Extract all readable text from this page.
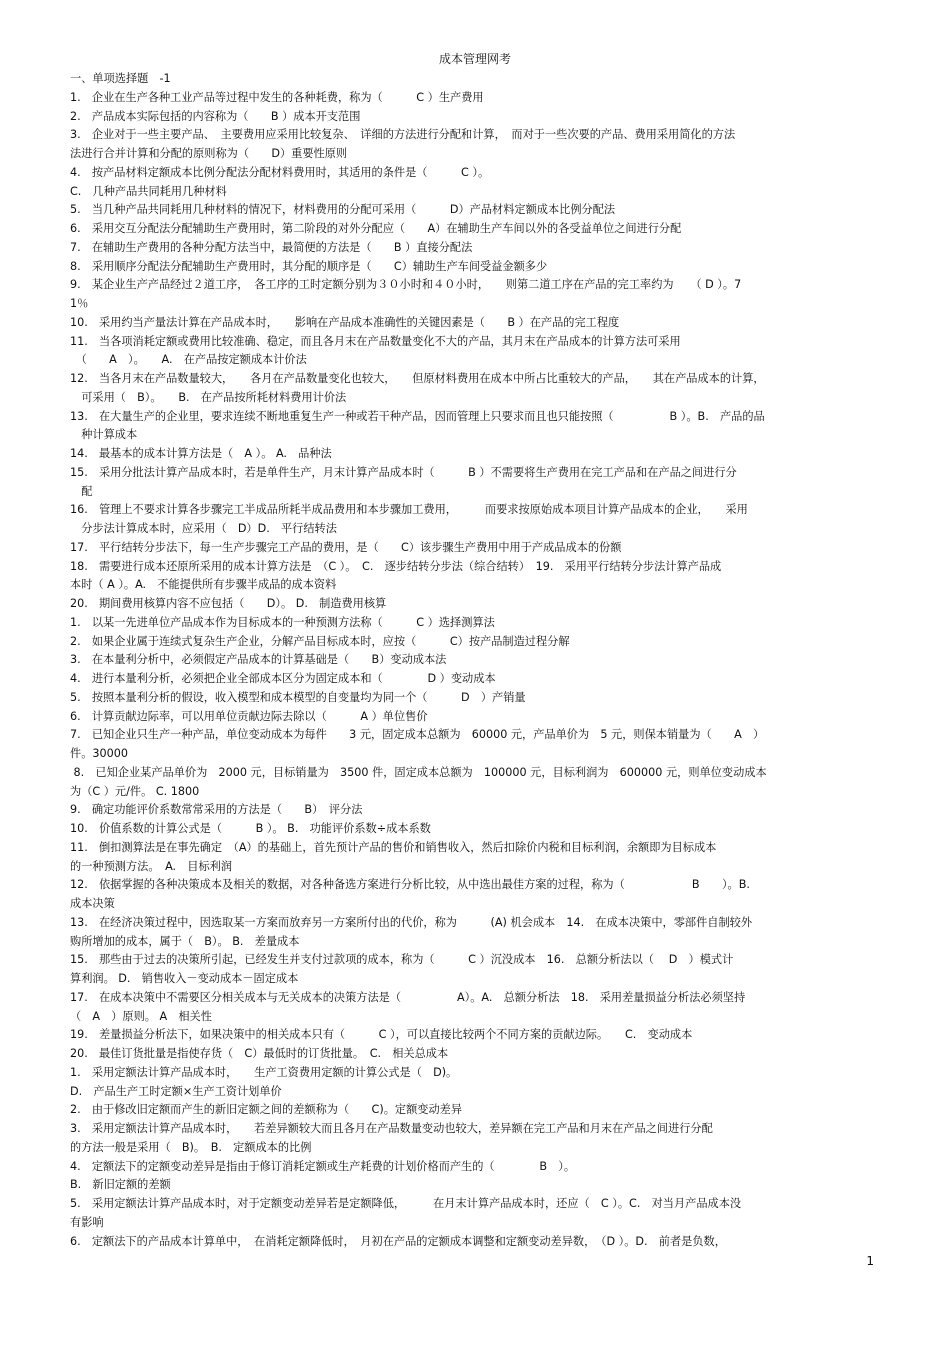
成本管理网考
一、单项选择题　-1
1.　企业在生产各种工业产品等过程中发生的各种耗费，称为（　　　C ）生产费用
2.　产品成本实际包括的内容称为（　　B ）成本开支范围
3.　企业对于一些主要产品、　主要费用应采用比较复杂、　详细的方法进行分配和计算，　而对于一些次要的产品、费用采用简化的方法
法进行合并计算和分配的原则称为（　　D）重要性原则
4.　按产品材料定额成本比例分配法分配材料费用时，其适用的条件是（　　　C ）。
C.　几种产品共同耗用几种材料
5.　当几种产品共同耗用几种材料的情况下，材料费用的分配可采用（　　　D）产品材料定额成本比例分配法
6.　采用交互分配法分配辅助生产费用时，第二阶段的对外分配应（　　A）在辅助生产车间以外的各受益单位之间进行分配
7.　在辅助生产费用的各种分配方法当中，最简便的方法是（　　B ）直接分配法
8.　采用顺序分配法分配辅助生产费用时，其分配的顺序是（　　C）辅助生产车间受益金额多少
9.　某企业生产产品经过２道工序，　各工序的工时定额分别为３０小时和４０小时，　　则第二道工序在产品的完工率约为　　（ D ）。7
1％
10.　采用约当产量法计算在产品成本时，　　影响在产品成本准确性的关键因素是（　　B ）在产品的完工程度
11.　当各项消耗定额或费用比较准确、稳定，而且各月末在产品数量变化不大的产品，其月末在产品成本的计算方法可采用
　（　　A　）。　　A.　在产品按定额成本计价法
12.　当各月末在产品数量较大，　　各月在产品数量变化也较大，　　但原材料费用在成本中所占比重较大的产品，　　其在产品成本的计算，
　可采用（　B）。　　B.　在产品按所耗材料费用计价法
13.　在大量生产的企业里，要求连续不断地重复生产一种或若干种产品，因而管理上只要求而且也只能按照（　　　　　B ）。B.　产品的品
　种计算成本
14.　最基本的成本计算方法是（　A ）。 A.　品种法
15.　采用分批法计算产品成本时，若是单件生产，月末计算产品成本时（　　　B ）不需要将生产费用在完工产品和在产品之间进行分
　配
16.　管理上不要求计算各步骤完工半成品所耗半成品费用和本步骤加工费用，　　　而要求按原始成本项目计算产品成本的企业，　　采用
　分步法计算成本时，应采用（　D）D.　平行结转法
17.　平行结转分步法下，每一生产步骤完工产品的费用，是（　　C）该步骤生产费用中用于产成品成本的份额
18.　需要进行成本还原所采用的成本计算方法是　（C ）。　C.　逐步结转分步法（综合结转）　19.　采用平行结转分步法计算产品成
本时（ A ）。A.　不能提供所有步骤半成品的成本资料
20.　期间费用核算内容不应包括（　　D）。 D.　制造费用核算
1.　以某一先进单位产品成本作为目标成本的一种预测方法称（　　　C ）选择测算法
2.　如果企业属于连续式复杂生产企业，分解产品目标成本时，应按（　　　C）按产品制造过程分解
3.　在本量利分析中，必须假定产品成本的计算基础是（　　B）变动成本法
4.　进行本量利分析，必须把企业全部成本区分为固定成本和（　　　　D ）变动成本
5.　按照本量利分析的假设，收入模型和成本模型的自变量均为同一个（　　　D　）产销量
6.　计算贡献边际率，可以用单位贡献边际去除以（　　　A ）单位售价
7.　已知企业只生产一种产品，单位变动成本为每件　　3 元，固定成本总额为　60000 元，产品单价为　5 元，则保本销量为（　　A　）
件。30000
8.　已知企业某产品单价为　2000 元，目标销量为　3500 件，固定成本总额为　100000 元，目标利润为　600000 元，则单位变动成本
为（C ）元/件。 C. 1800
9.　确定功能评价系数常常采用的方法是（　　B）　评分法
10.　价值系数的计算公式是（　　　B ）。 B.　功能评价系数÷成本系数
11.　倒扣测算法是在事先确定　（A）的基础上，首先预计产品的售价和销售收入，然后扣除价内税和目标利润，余额即为目标成本
的一种预测方法。　A.　目标利润
12.　依据掌握的各种决策成本及相关的数据，对各种备选方案进行分析比较，从中选出最佳方案的过程，称为（　　　　　　B　　）。B.
成本决策
13.　在经济决策过程中，因选取某一方案而放弃另一方案所付出的代价，称为　　　(A) 机会成本　14.　在成本决策中，零部件自制较外
购所增加的成本，属于（　B）。 B.　差量成本
15.　那些由于过去的决策所引起，已经发生并支付过款项的成本，称为（　　　C ）沉没成本　16.　总额分析法以（　 D　）模式计
算利润。 D.　销售收入－变动成本－固定成本
17.　在成本决策中不需要区分相关成本与无关成本的决策方法是（　　　　　A）。A.　总额分析法　18.　采用差量损益分析法必须坚持
（　A　）原则。 A　相关性
19.　差量损益分析法下，如果决策中的相关成本只有（　　　C ），可以直接比较两个不同方案的贡献边际。　　C.　变动成本
20.　最佳订货批量是指使存货（　C）最低时的订货批量。　C.　相关总成本
1.　采用定额法计算产品成本时，　　生产工资费用定额的计算公式是（　D)。
D.　产品生产工时定额×生产工资计划单价
2.　由于修改旧定额而产生的新旧定额之间的差额称为（　　C)。定额变动差异
3.　采用定额法计算产品成本时，　　若差异额较大而且各月在产品数量变动也较大，差异额在完工产品和月末在产品之间进行分配
的方法一般是采用（　B)。　B.　定额成本的比例
4.　定额法下的定额变动差异是指由于修订消耗定额或生产耗费的计划价格而产生的（　　　　B　）。
B.　新旧定额的差额
5.　采用定额法计算产品成本时，对于定额变动差异若是定额降低，　　　在月末计算产品成本时，还应（　C ）。C.　对当月产品成本没
有影响
6.　定额法下的产品成本计算单中，　在消耗定额降低时，　月初在产品的定额成本调整和定额变动差异数，　（D ）。D.　前者是负数，
1
